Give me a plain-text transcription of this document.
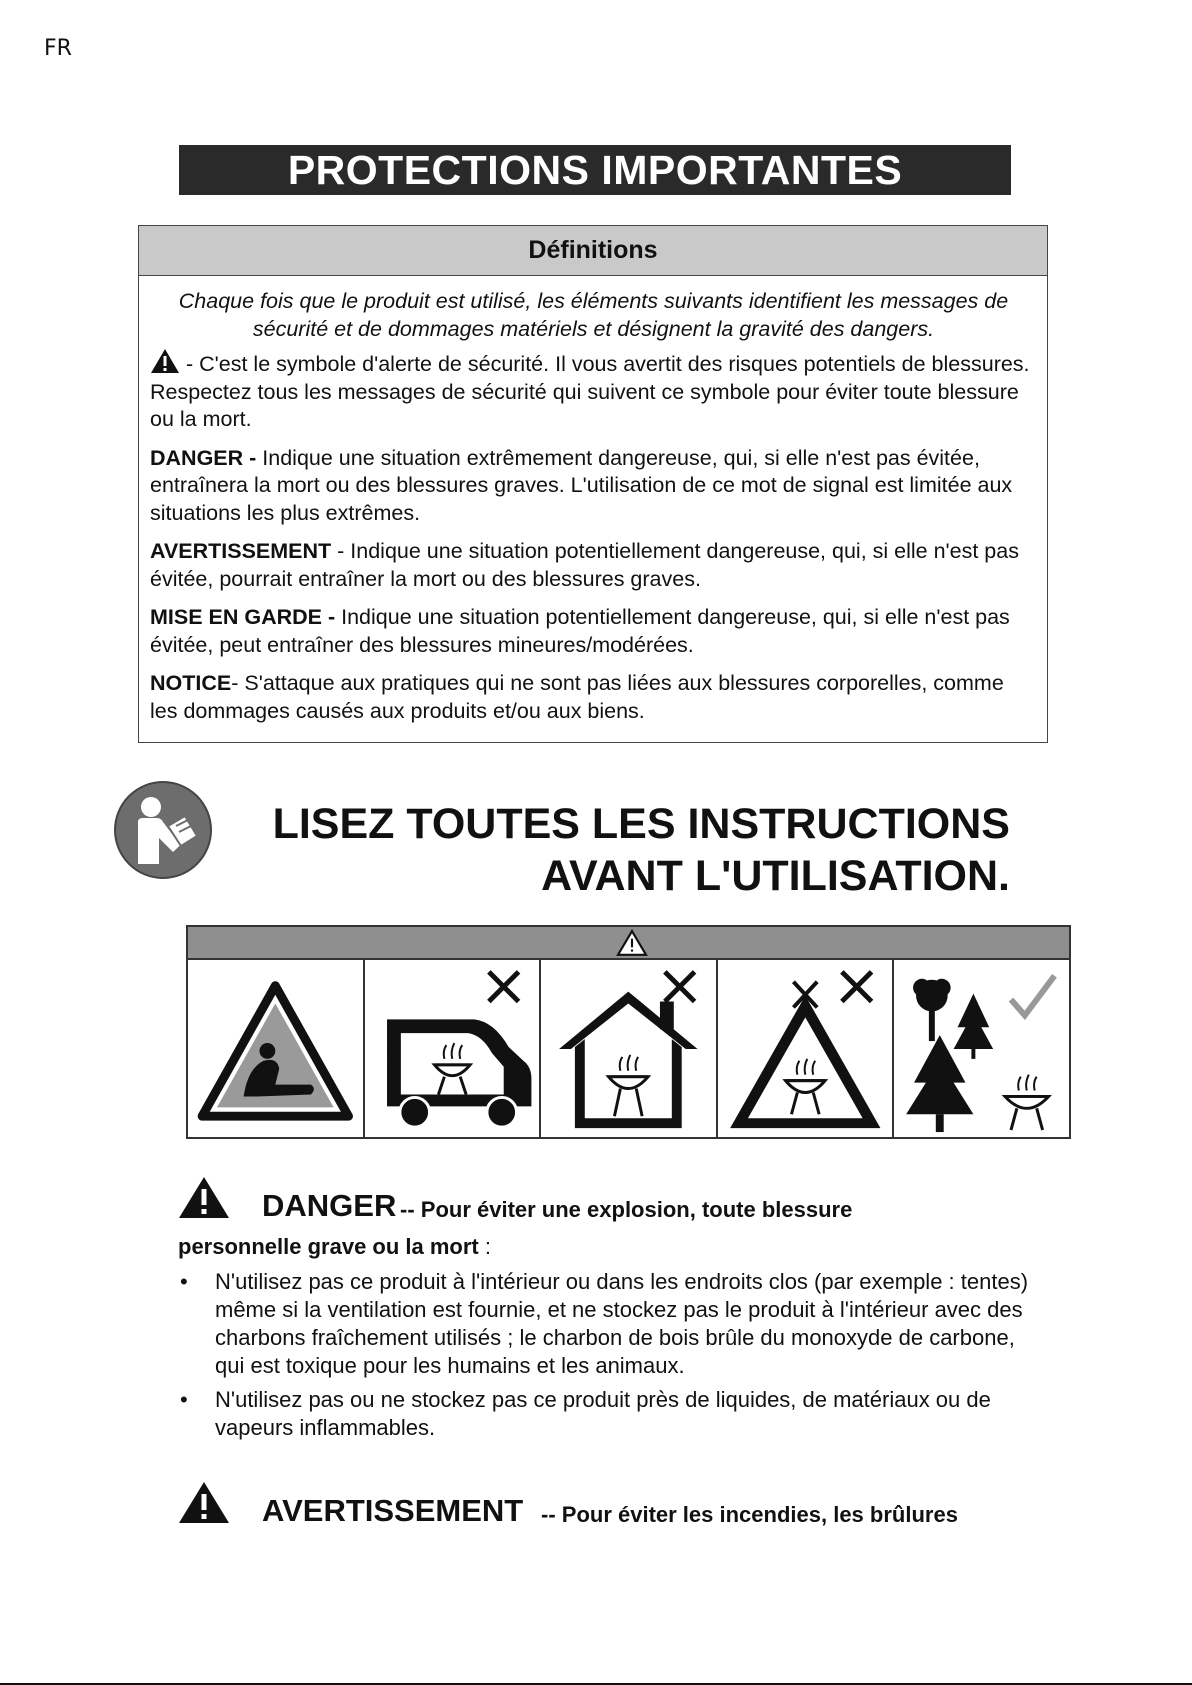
FR
PROTECTIONS IMPORTANTES
Définitions
Chaque fois que le produit est utilisé, les éléments suivants identifient les messages de sécurité et de dommages matériels et désignent la gravité des dangers.

- C'est le symbole d'alerte de sécurité. Il vous avertit des risques potentiels de blessures. Respectez tous les messages de sécurité qui suivent ce symbole pour éviter toute blessure ou la mort.

DANGER - Indique une situation extrêmement dangereuse, qui, si elle n'est pas évitée, entraînera la mort ou des blessures graves. L'utilisation de ce mot de signal est limitée aux situations les plus extrêmes.

AVERTISSEMENT - Indique une situation potentiellement dangereuse, qui, si elle n'est pas évitée, pourrait entraîner la mort ou des blessures graves.

MISE EN GARDE - Indique une situation potentiellement dangereuse, qui, si elle n'est pas évitée, peut entraîner des blessures mineures/modérées.

NOTICE- S'attaque aux pratiques qui ne sont pas liées aux blessures corporelles, comme les dommages causés aux produits et/ou aux biens.

LISEZ TOUTES LES INSTRUCTIONS
AVANT L'UTILISATION.
DANGER -- Pour éviter une explosion, toute blessure
personnelle grave ou la mort :
• N'utilisez pas ce produit à l'intérieur ou dans les endroits clos (par exemple : tentes) même si la ventilation est fournie, et ne stockez pas le produit à l'intérieur avec des charbons fraîchement utilisés ; le charbon de bois brûle du monoxyde de carbone, qui est toxique pour les humains et les animaux.
• N'utilisez pas ou ne stockez pas ce produit près de liquides, de matériaux ou de vapeurs inflammables.
AVERTISSEMENT -- Pour éviter les incendies, les brûlures
